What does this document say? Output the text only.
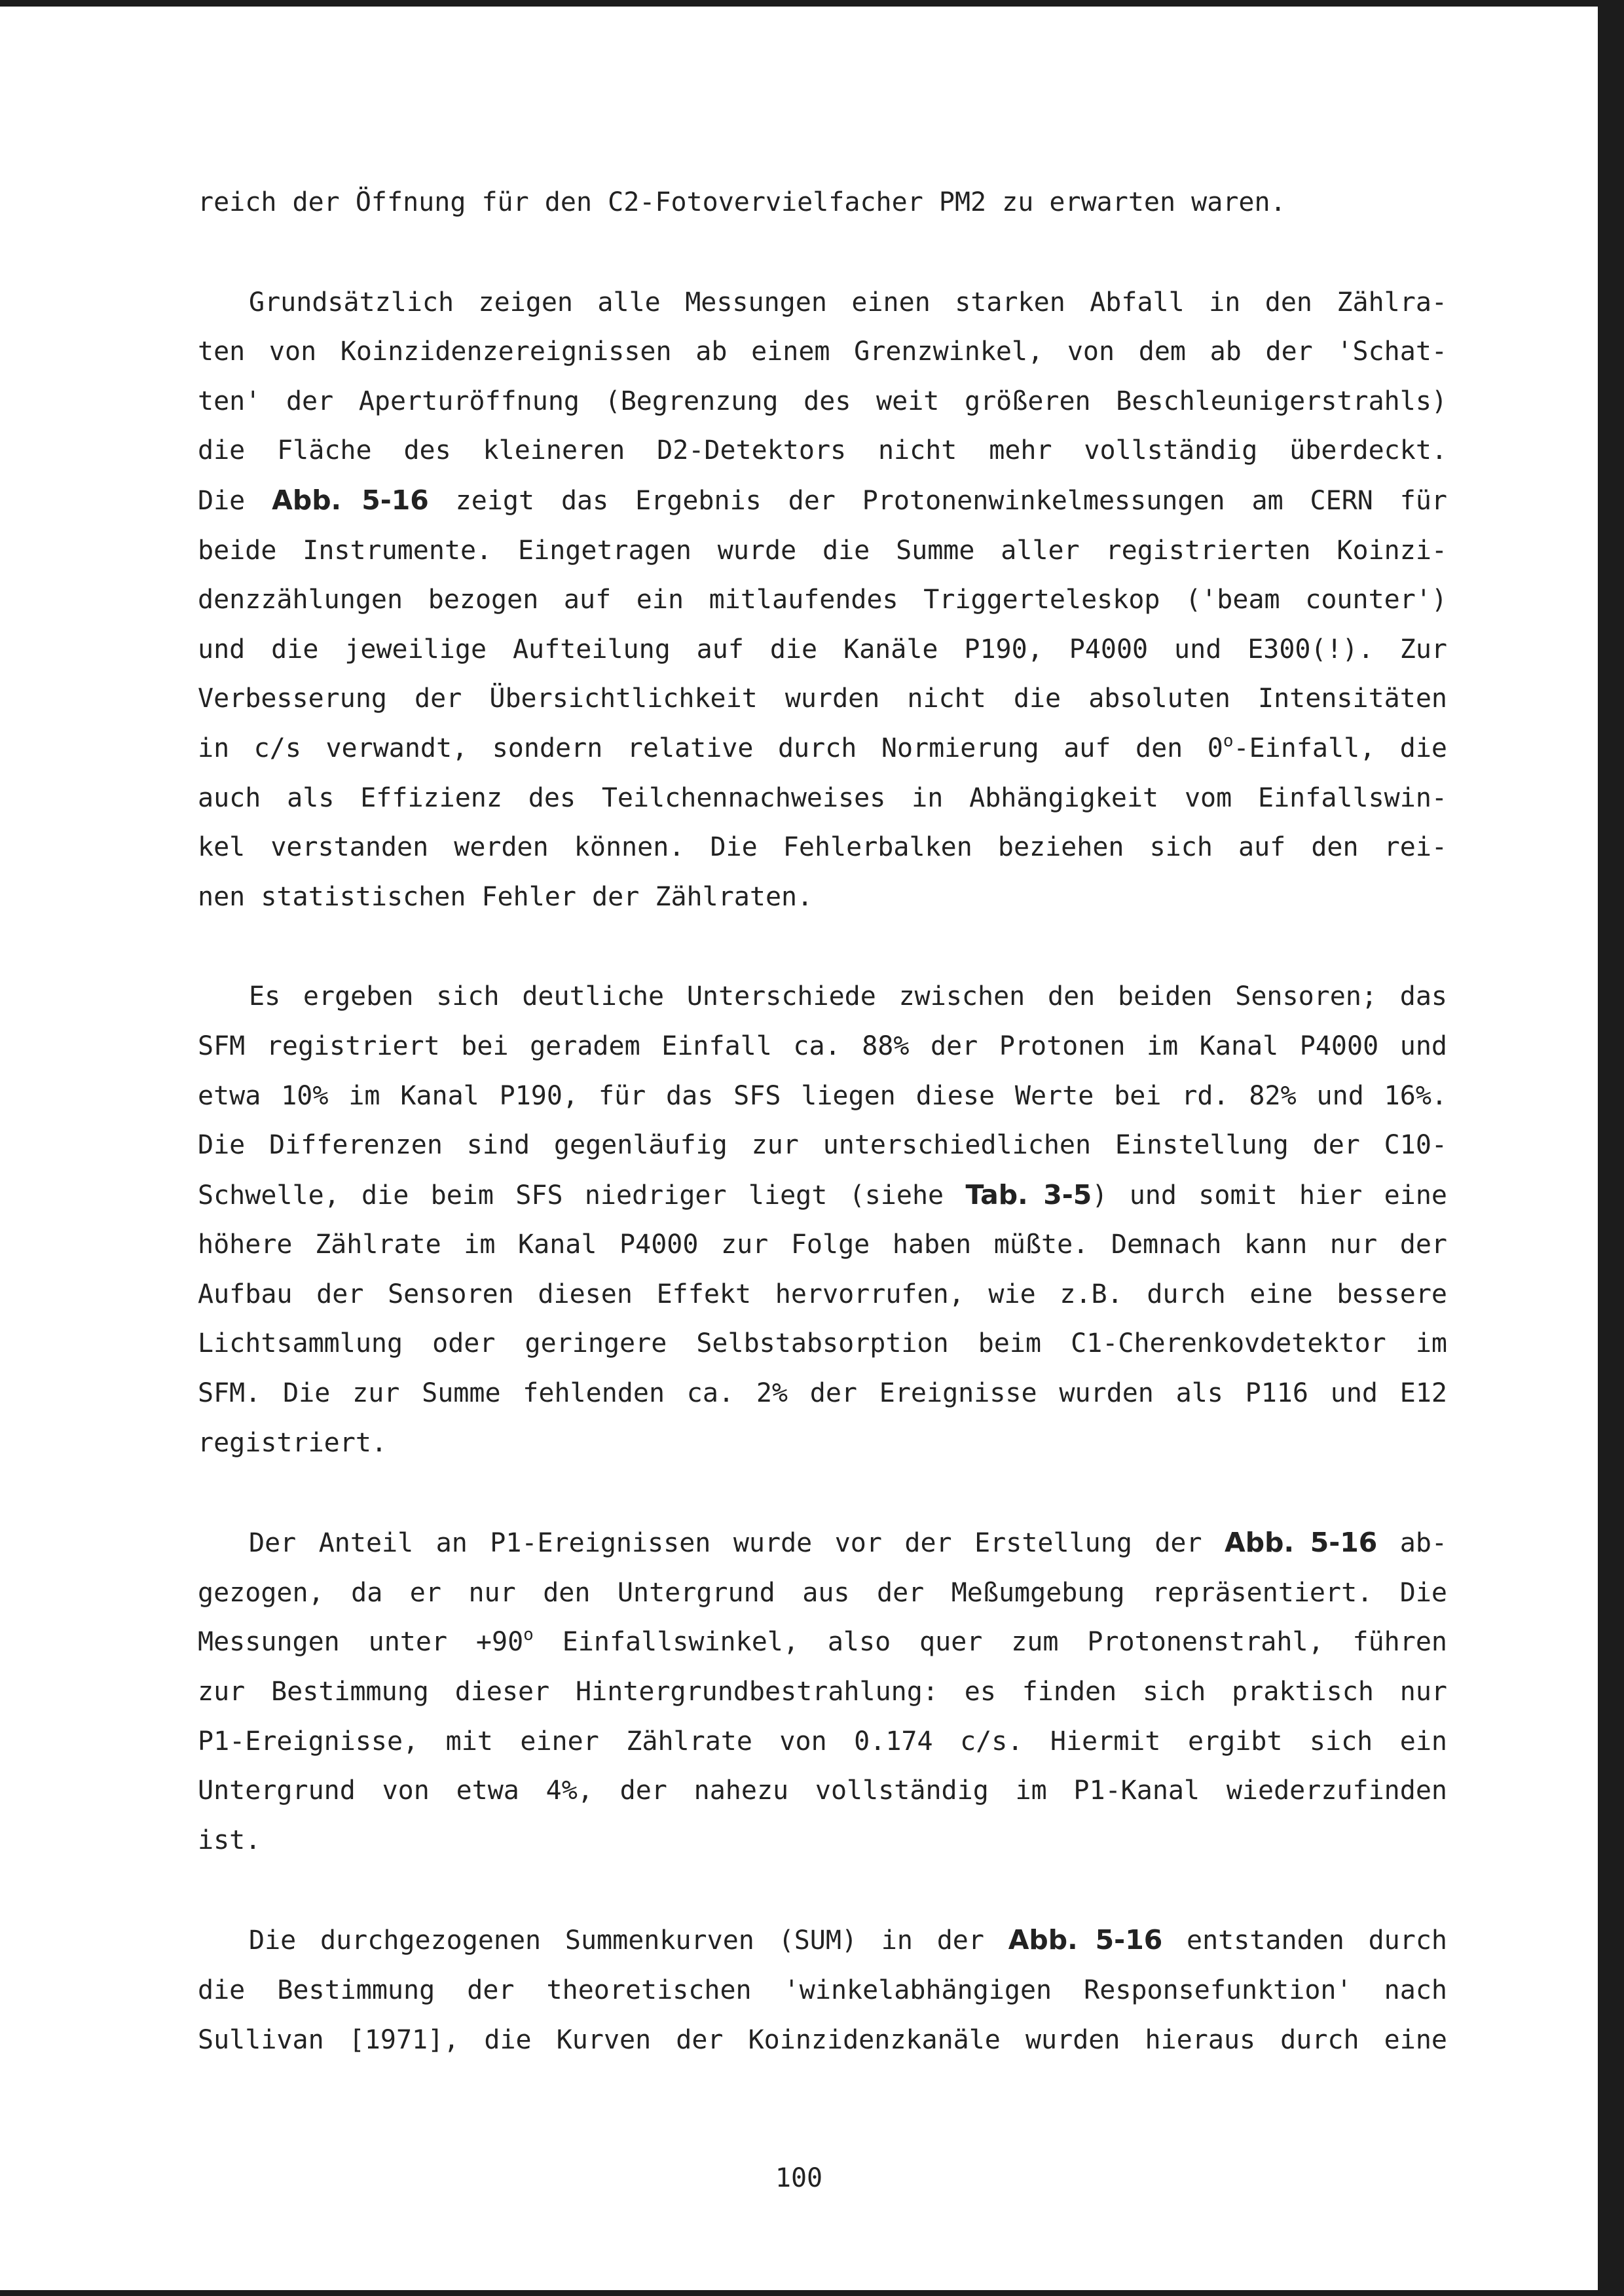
reich der Öffnung für den C2-Fotovervielfacher PM2 zu erwarten waren.
Grundsätzlich zeigen alle Messungen einen starken Abfall in den Zählra-
ten von Koinzidenzereignissen ab einem Grenzwinkel, von dem ab der 'Schat-
ten' der Aperturöffnung (Begrenzung des weit größeren Beschleunigerstrahls)
die Fläche des kleineren D2-Detektors nicht mehr vollständig überdeckt.
Die Abb. 5-16 zeigt das Ergebnis der Protonenwinkelmessungen am CERN für
beide Instrumente. Eingetragen wurde die Summe aller registrierten Koinzi-
denzzählungen bezogen auf ein mitlaufendes Triggerteleskop ('beam counter')
und die jeweilige Aufteilung auf die Kanäle P190, P4000 und E300(!). Zur
Verbesserung der Übersichtlichkeit wurden nicht die absoluten Intensitäten
in c/s verwandt, sondern relative durch Normierung auf den 0$^o$-Einfall, die
auch als Effizienz des Teilchennachweises in Abhängigkeit vom Einfallswin-
kel verstanden werden können. Die Fehlerbalken beziehen sich auf den rei-
nen statistischen Fehler der Zählraten.
Es ergeben sich deutliche Unterschiede zwischen den beiden Sensoren; das
SFM registriert bei geradem Einfall ca. 88% der Protonen im Kanal P4000 und
etwa 10% im Kanal P190, für das SFS liegen diese Werte bei rd. 82% und 16%.
Die Differenzen sind gegenläufig zur unterschiedlichen Einstellung der C10-
Schwelle, die beim SFS niedriger liegt (siehe Tab. 3-5) und somit hier eine
höhere Zählrate im Kanal P4000 zur Folge haben müßte. Demnach kann nur der
Aufbau der Sensoren diesen Effekt hervorrufen, wie z.B. durch eine bessere
Lichtsammlung oder geringere Selbstabsorption beim C1-Cherenkovdetektor im
SFM. Die zur Summe fehlenden ca. 2% der Ereignisse wurden als P116 und E12
registriert.
Der Anteil an P1-Ereignissen wurde vor der Erstellung der Abb. 5-16 ab-
gezogen, da er nur den Untergrund aus der Meßumgebung repräsentiert. Die
Messungen unter $+90^o$ Einfallswinkel, also quer zum Protonenstrahl, führen
zur Bestimmung dieser Hintergrundbestrahlung: es finden sich praktisch nur
P1-Ereignisse, mit einer Zählrate von 0.174 c/s. Hiermit ergibt sich ein
Untergrund von etwa 4%, der nahezu vollständig im P1-Kanal wiederzufinden
ist.
Die durchgezogenen Summenkurven (SUM) in der Abb. 5-16 entstanden durch
die Bestimmung der theoretischen 'winkelabhängigen Responsefunktion' nach
Sullivan [1971], die Kurven der Koinzidenzkanäle wurden hieraus durch eine
100
